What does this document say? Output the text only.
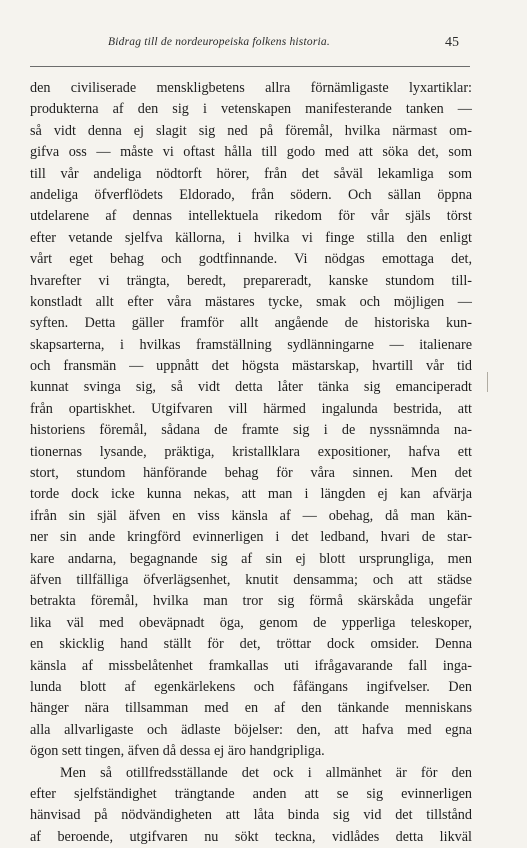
Bidrag till de nordeuropeiska folkens historia.	45
den civiliserade menskligbetens allra förnämligaste lyxartiklar:
produkterna af den sig i vetenskapen manifesterande tanken —
så vidt denna ej slagit sig ned på föremål, hvilka närmast om-
gifva oss — måste vi oftast hålla till godo med att söka det, som
till vår andeliga nödtorft hörer, från det såväl lekamliga som
andeliga öfverflödets Eldorado, från södern. Och sällan öppna
utdelarene af dennas intellektuela rikedom för vår själs törst
efter vetande sjelfva källorna, i hvilka vi finge stilla den enligt
vårt eget behag och godtfinnande. Vi nödgas emottaga det,
hvarefter vi trängta, beredt, prepareradt, kanske stundom till-
konstladt allt efter våra mästares tycke, smak och möjligen —
syften. Detta gäller framför allt angående de historiska kun-
skapsarterna, i hvilkas framställning sydlänningarne — italienare
och fransmän — uppnått det högsta mästarskap, hvartill vår tid
kunnat svinga sig, så vidt detta låter tänka sig emanciperadt
från opartiskhet. Utgifvaren vill härmed ingalunda bestrida, att
historiens föremål, sådana de framte sig i de nyssnämnda na-
tionernas lysande, präktiga, kristallklara expositioner, hafva ett
stort, stundom hänförande behag för våra sinnen. Men det
torde dock icke kunna nekas, att man i längden ej kan afvärja
ifrån sin själ äfven en viss känsla af — obehag, då man kän-
ner sin ande kringförd evinnerligen i det ledband, hvari de star-
kare andarna, begagnande sig af sin ej blott ursprungliga, men
äfven tillfälliga öfverlägsenhet, knutit densamma; och att städse
betrakta föremål, hvilka man tror sig förmå skärskåda ungefär
lika väl med obeväpnadt öga, genom de ypperliga teleskoper,
en skicklig hand ställt för det, tröttar dock omsider. Denna
känsla af missbelåtenhet framkallas uti ifrågavarande fall inga-
lunda blott af egenkärlekens och fåfängans ingifvelser. Den
hänger nära tillsamman med en af den tänkande menniskans
alla allvarligaste och ädlaste böjelser: den, att hafva med egna
ögon sett tingen, äfven då dessa ej äro handgripliga.
Men så otillfredsställande det ock i allmänhet är för den
efter sjelfständighet trängtande anden att se sig evinnerligen
hänvisad på nödvändigheten att låta binda sig vid det tillstånd
af beroende, utgifvaren nu sökt teckna, vidlådes detta likväl
